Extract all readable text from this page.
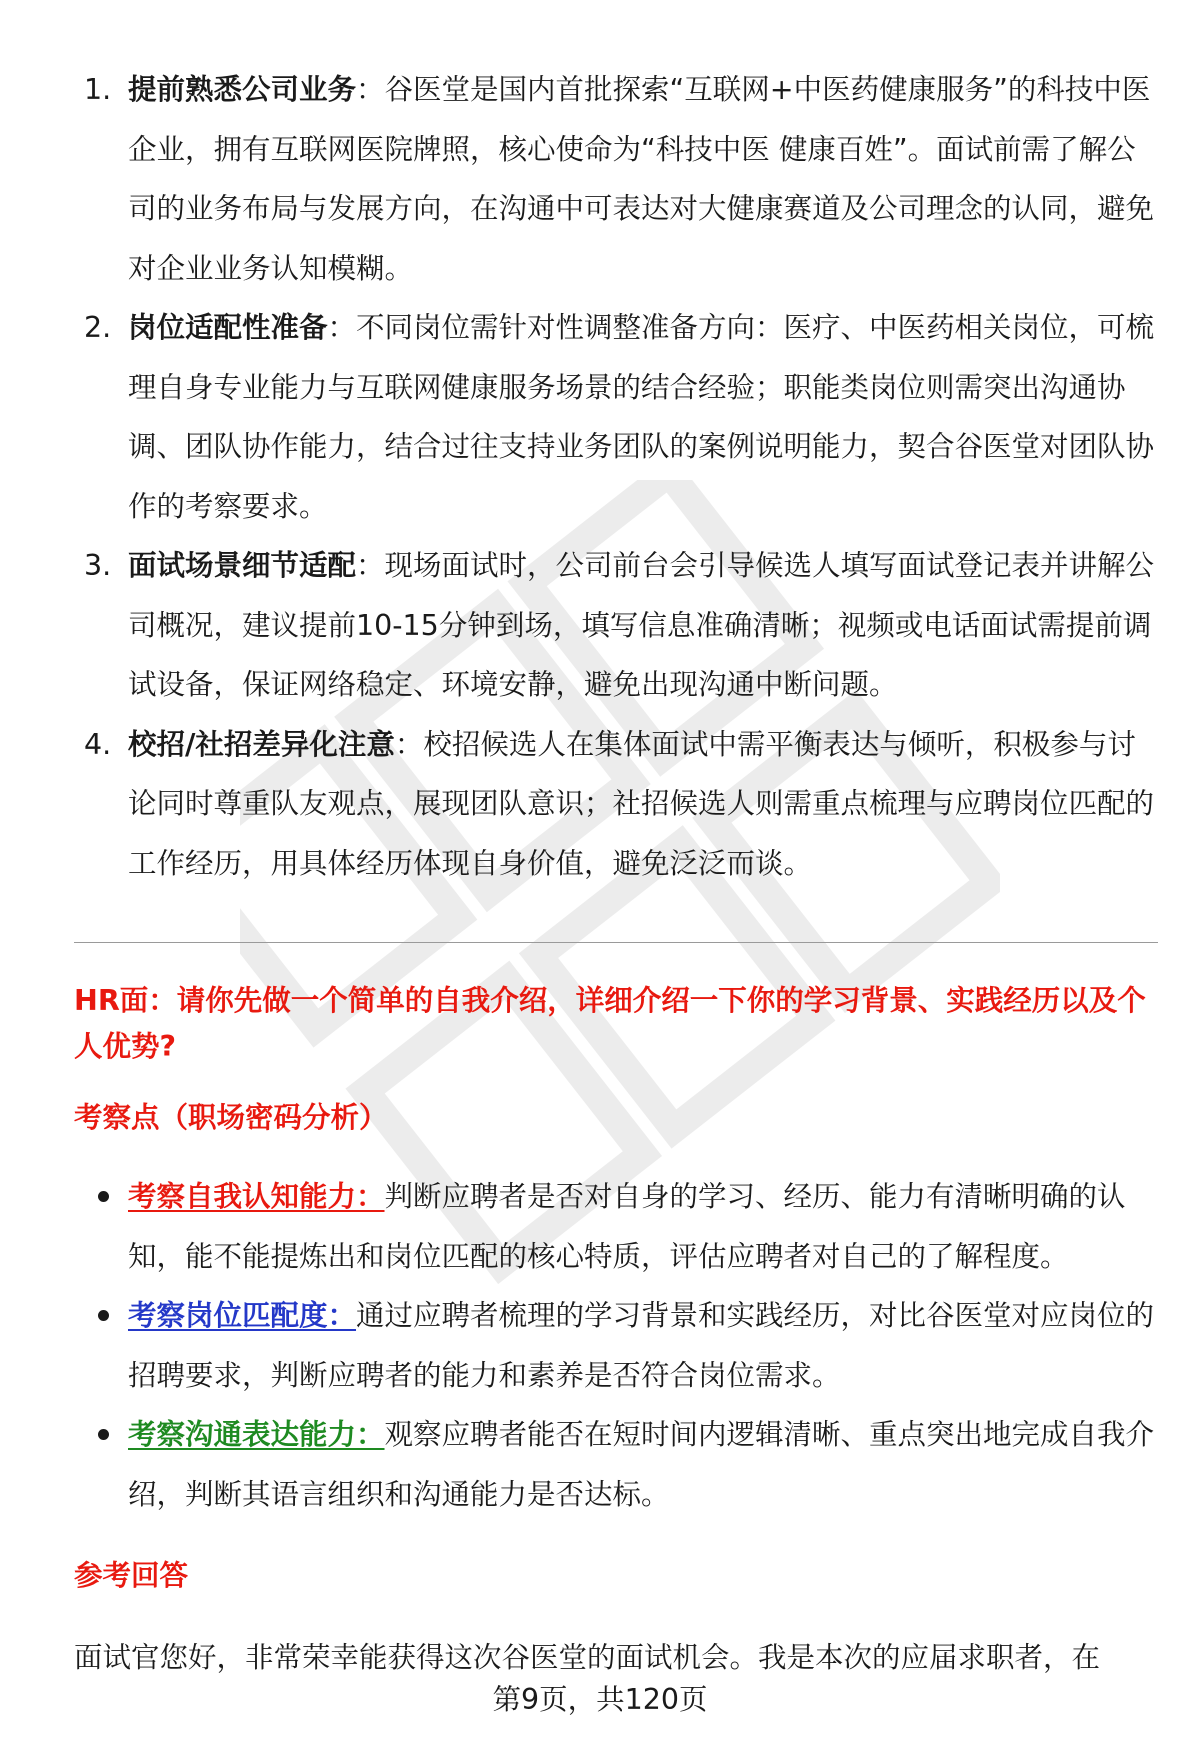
1. 提前熟悉公司业务：谷医堂是国内首批探索“互联网+中医药健康服务”的科技中医企业，拥有互联网医院牌照，核心使命为“科技中医 健康百姓”。面试前需了解公司的业务布局与发展方向，在沟通中可表达对大健康赛道及公司理念的认同，避免对企业业务认知模糊。
2. 岗位适配性准备：不同岗位需针对性调整准备方向：医疗、中医药相关岗位，可梳理自身专业能力与互联网健康服务场景的结合经验；职能类岗位则需突出沟通协调、团队协作能力，结合过往支持业务团队的案例说明能力，契合谷医堂对团队协作的考察要求。
3. 面试场景细节适配：现场面试时，公司前台会引导候选人填写面试登记表并讲解公司概况，建议提前10-15分钟到场，填写信息准确清晰；视频或电话面试需提前调试设备，保证网络稳定、环境安静，避免出现沟通中断问题。
4. 校招/社招差异化注意：校招候选人在集体面试中需平衡表达与倾听，积极参与讨论同时尊重队友观点，展现团队意识；社招候选人则需重点梳理与应聘岗位匹配的工作经历，用具体经历体现自身价值，避免泛泛而谈。

HR面：请你先做一个简单的自我介绍，详细介绍一下你的学习背景、实践经历以及个人优势?

考察点（职场密码分析）

考察自我认知能力：判断应聘者是否对自身的学习、经历、能力有清晰明确的认知，能不能提炼出和岗位匹配的核心特质，评估应聘者对自己的了解程度。
考察岗位匹配度：通过应聘者梳理的学习背景和实践经历，对比谷医堂对应岗位的招聘要求，判断应聘者的能力和素养是否符合岗位需求。
考察沟通表达能力：观察应聘者能否在短时间内逻辑清晰、重点突出地完成自我介绍，判断其语言组织和沟通能力是否达标。

参考回答

面试官您好，非常荣幸能获得这次谷医堂的面试机会。我是本次的应届求职者，在

第9页，共120页
